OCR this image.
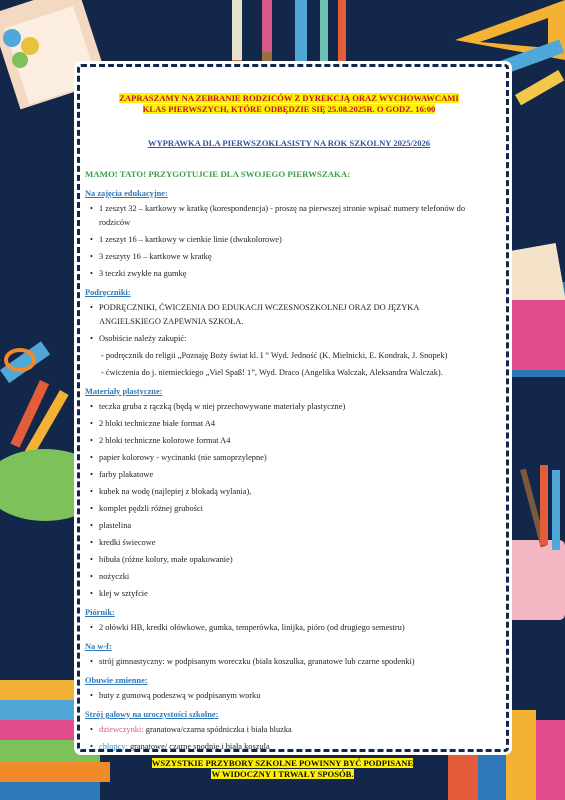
ZAPRASZAMY NA ZEBRANIE RODZICÓW Z DYREKCJĄ ORAZ WYCHOWAWCAMI
KLAS PIERWSZYCH, KTÓRE ODBĘDZIE SIĘ 25.08.2025R. O GODZ. 16:00

WYPRAWKA DLA PIERWSZOKLASISTY NA ROK SZKOLNY 2025/2026
MAMO! TATO! PRZYGOTUJCIE DLA SWOJEGO PIERWSZAKA:
Na zajęcia edukacyjne:
• 1 zeszyt 32 – kartkowy w kratkę (korespondencja) - proszę na pierwszej stronie wpisać numery telefonów do
rodziców
• 1 zeszyt 16 – kartkowy w cienkie linie (dwukolorowe)
• 3 zeszyty 16 – kartkowe w kratkę
• 3 teczki zwykłe na gumkę
Podręczniki:
• PODRĘCZNIKI, ĆWICZENIA DO EDUKACJI WCZESNOSZKOLNEJ ORAZ DO JĘZYKA
ANGIELSKIEGO ZAPEWNIA SZKOŁA.
• Osobiście należy zakupić:
- podręcznik do religii „Poznaję Boży świat kl. I ” Wyd. Jedność (K. Mielnicki, E. Kondrak, J. Snopek)
- ćwiczenia do j. niemieckiego „Viel Spaß! 1”, Wyd. Draco (Angelika Walczak, Aleksandra Walczak).
Materiały plastyczne:
• teczka gruba z rączką (będą w niej przechowywane materiały plastyczne)
• 2 bloki techniczne białe format A4
• 2 bloki techniczne kolorowe format A4
• papier kolorowy - wycinanki (nie samoprzylepne)
• farby plakatowe
• kubek na wodę (najlepiej z blokadą wylania),
• komplet pędzli różnej grubości
• plastelina
• kredki świecowe
• bibuła (różne kolory, małe opakowanie)
• nożyczki
• klej w sztyfcie
Piórnik:
• 2 ołówki HB, kredki ołówkowe, gumka, temperówka, linijka, pióro (od drugiego semestru)
Na w-f:
• strój gimnastyczny: w podpisanym woreczku (biała koszulka, granatowe lub czarne spodenki)
Obuwie zmienne:
• buty z gumową podeszwą w podpisanym worku
Strój galowy na uroczystości szkolne:
• dziewczynki: granatowa/czarna spódniczka i biała bluzka
• chłopcy: granatowe/ czarne spodnie i biała koszula
WSZYSTKIE PRZYBORY SZKOLNE POWINNY BYĆ PODPISANE
W WIDOCZNY I TRWAŁY SPOSÓB.
